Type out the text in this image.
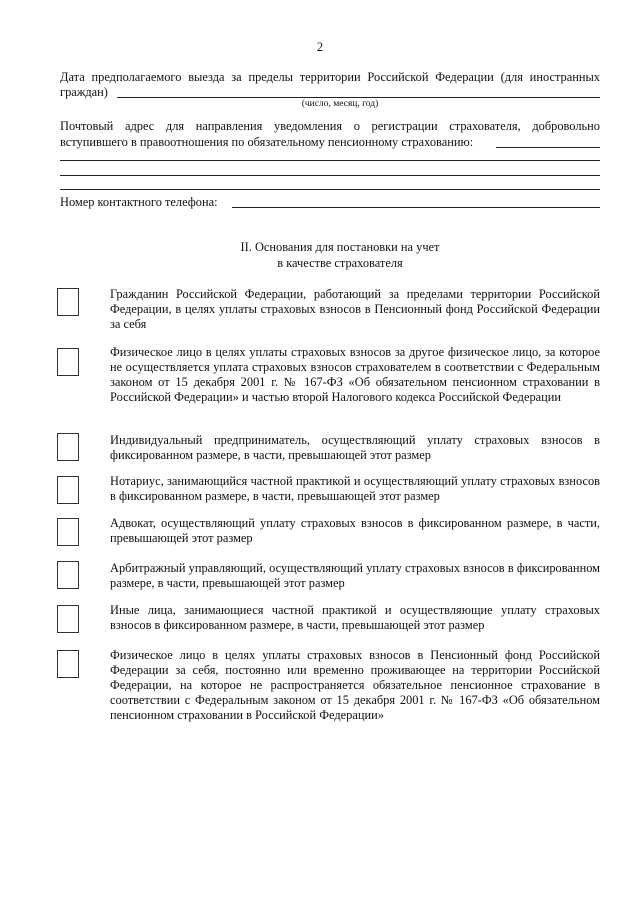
2
Дата предполагаемого выезда за пределы территории Российской Федерации (для иностранных
граждан)
(число, месяц, год)
Почтовый адрес для направления уведомления о регистрации страхователя, добровольно
вступившего в правоотношения по обязательному пенсионному страхованию:
Номер контактного телефона:
II. Основания для постановки на учет
в качестве страхователя
Гражданин Российской Федерации, работающий за пределами территории Российской Федерации, в целях уплаты страховых взносов в Пенсионный фонд Российской Федерации за себя
Физическое лицо в целях уплаты страховых взносов за другое физическое лицо, за которое не осуществляется уплата страховых взносов страхователем в соответствии с Федеральным законом от 15 декабря 2001 г. № 167-ФЗ «Об обязательном пенсионном страховании в Российской Федерации» и частью второй Налогового кодекса Российской Федерации
Индивидуальный предприниматель, осуществляющий уплату страховых взносов в фиксированном размере, в части, превышающей этот размер
Нотариус, занимающийся частной практикой и осуществляющий уплату страховых взносов в фиксированном размере, в части, превышающей этот размер
Адвокат, осуществляющий уплату страховых взносов в фиксированном размере, в части, превышающей этот размер
Арбитражный управляющий, осуществляющий уплату страховых взносов в фиксированном размере, в части, превышающей этот размер
Иные лица, занимающиеся частной практикой и осуществляющие уплату страховых взносов в фиксированном размере, в части, превышающей этот размер
Физическое лицо в целях уплаты страховых взносов в Пенсионный фонд Российской Федерации за себя, постоянно или временно проживающее на территории Российской Федерации, на которое не распространяется обязательное пенсионное страхование в соответствии с Федеральным законом от 15 декабря 2001 г. № 167-ФЗ «Об обязательном пенсионном страховании в Российской Федерации»
